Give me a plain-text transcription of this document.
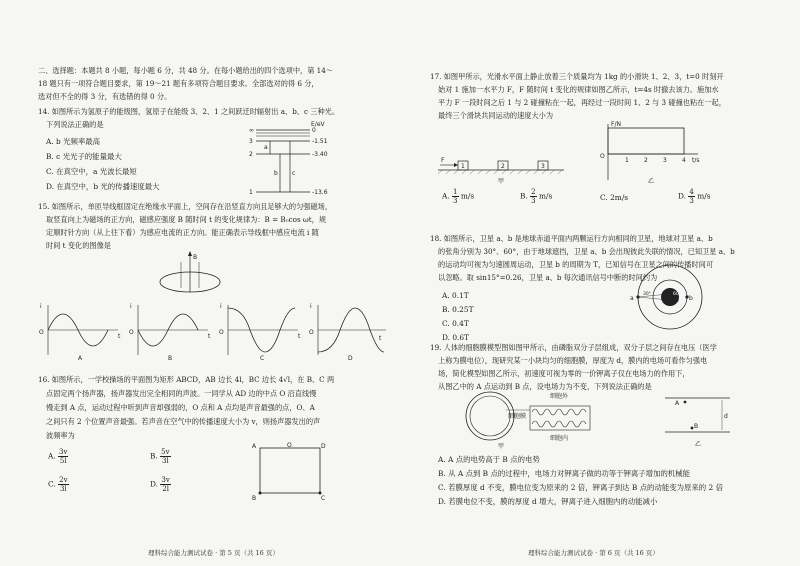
二、选择题：本题共 8 小题，每小题 6 分，共 48 分。在每小题给出的四个选项中，第 14～
18 题只有一项符合题目要求，第 19～21 题有多项符合题目要求。全部选对的得 6 分，
选对但不全的得 3 分，有选错的得 0 分。
14. 如图所示为氢原子的能级图，氢原子在能级 3、2、1 之间跃迁时辐射出 a、b、c 三种光。
下列说法正确的是
A. b 光频率最高
B. c 光光子的能量最大
C. 在真空中，a 光波长最短
D. 在真空中，b 光的传播速度最大
E/eV
∞
3
2
1
0
-1.51
-3.40
-13.6
a
b c
15. 如图所示，单匝导线框固定在绝缘水平面上，空间存在沿竖直方向且足够大的匀强磁场，
取竖直向上为磁场的正方向，磁感应强度 B 随时间 t 的变化规律为：B = B₀cos ωt，规
定顺时针方向（从上往下看）为感应电流的正方向。能正确表示导线框中感应电流 i 随
时间 t 变化的图像是
B
i
O
t
A
i
O
t
B
i
O
t
C
i
O
t
D
16. 如图所示，一学校操场的平面图为矩形 ABCD，AB 边长 4l，BC 边长 4√l，在 B、C 两
点固定两个扬声器，扬声器发出完全相同的声波。一同学从 AD 边的中点 O 沿直线慢
慢走到 A 点，运动过程中听到声音却强弱的，O 点和 A 点均是声音最强的点，O、A
之间只有 2 个位置声音最强。若声音在空气中的传播速度大小为 v，则扬声器发出的声
波频率为
A. $\frac{3v}{5l}$
C. $\frac{2v}{3l}$
B. $\frac{5v}{3l}$
D. $\frac{3v}{2l}$
A	D
O
B	C
理科综合能力测试试卷 · 第 5 页（共 16 页）
17. 如图甲所示，光滑水平面上静止放着三个质量均为 1kg 的小滑块 1、2、3，t=0 时刻开
始对 1 施加一水平力 F，F 随时间 t 变化的规律如图乙所示，t=4s 时撤去该力。施加水
平力 F 一段时间之后 1 与 2 碰撞粘在一起，再经过一段时间 1、2 与 3 碰撞也粘在一起，
最终三个滑块共同运动的速度大小为
F
1	2	3
甲
F/N
t/s
O
1	2	3	4
乙
A. $\frac{1}{3} m/s$	B. $\frac{2}{3} m/s$	C. 2m/s	D. $\frac{4}{3} m/s$
18. 如图所示，卫星 a、b 是地球赤道平面内两颗运行方向相同的卫星，地球对卫星 a、b
的张角分别为 30°、60°，由于地球遮挡，卫星 a、b 会出现彼此失联的情况，已知卫星 a、b
的运动均可视为匀速圆周运动，卫星 b 的周期为 T，已知信号在卫星之间的传播时间可
以忽略。取 sin15°=0.26，卫星 a、b 每次通讯信号中断的时间约为
A. 0.1T
B. 0.25T
C. 0.4T
D. 0.6T
a	b
30°	60°
19. 人体的细胞膜模型图如图甲所示，由磷脂双分子层组成，双分子层之间存在电压（医学
上称为膜电位），现研究某一小块均匀的细胞膜，厚度为 d，膜内的电场可看作匀强电
场，简化模型如图乙所示，初速度可视为零的一价钾离子仅在电场力的作用下，
从图乙中的 A 点运动到 B 点，设电场力为不变，下列说法正确的是
细胞外
细胞膜
细胞内
甲
A
B
d
乙
A. A 点的电势高于 B 点的电势
B. 从 A 点到 B 点的过程中，电场力对钾离子做的功等于钾离子增加的机械能
C. 若膜厚度 d 不变，膜电位变为原来的 2 倍，钾离子到达 B 点的动能变为原来的 2 倍
D. 若膜电位不变，膜的厚度 d 增大，钾离子进入细胞内的动能减小
理科综合能力测试试卷 · 第 6 页（共 16 页）
